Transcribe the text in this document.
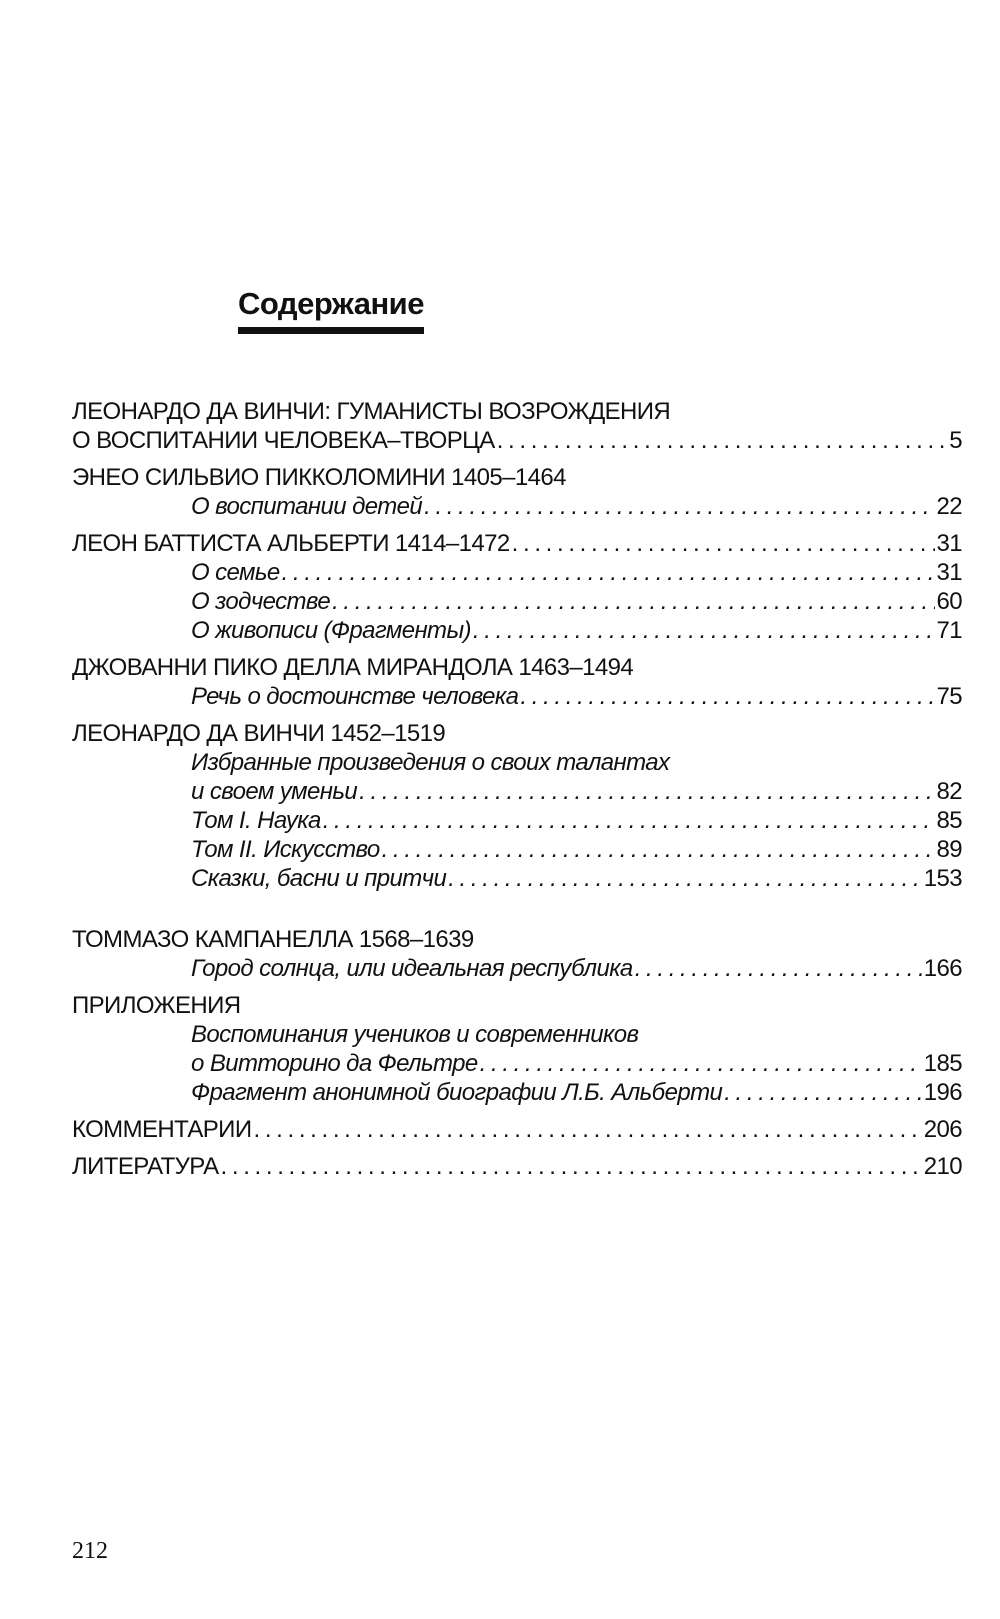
Содержание
ЛЕОНАРДО ДА ВИНЧИ: ГУМАНИСТЫ ВОЗРОЖДЕНИЯ
О ВОСПИТАНИИ ЧЕЛОВЕКА–ТВОРЦА . . .	5
ЭНЕО СИЛЬВИО ПИККОЛОМИНИ 1405–1464
О воспитании детей . . .	22
ЛЕОН БАТТИСТА АЛЬБЕРТИ 1414–1472 . . .	31
О семье . . .	31
О зодчестве . . .	60
О живописи (Фрагменты) . . .	71
ДЖОВАННИ ПИКО ДЕЛЛА МИРАНДОЛА 1463–1494
Речь о достоинстве человека . . .	75
ЛЕОНАРДО ДА ВИНЧИ 1452–1519
Избранные произведения о своих талантах
и своем уменьи . . .	82
Том I. Наука . . .	85
Том II. Искусство . . .	89
Сказки, басни и притчи . . .	153
ТОММАЗО КАМПАНЕЛЛА 1568–1639
Город солнца, или идеальная республика . . .	166
ПРИЛОЖЕНИЯ
Воспоминания учеников и современников
о Витторино да Фельтре . . .	185
Фрагмент анонимной биографии Л.Б. Альберти . . .	196
КОММЕНТАРИИ . . .	206
ЛИТЕРАТУРА . . .	210
212
